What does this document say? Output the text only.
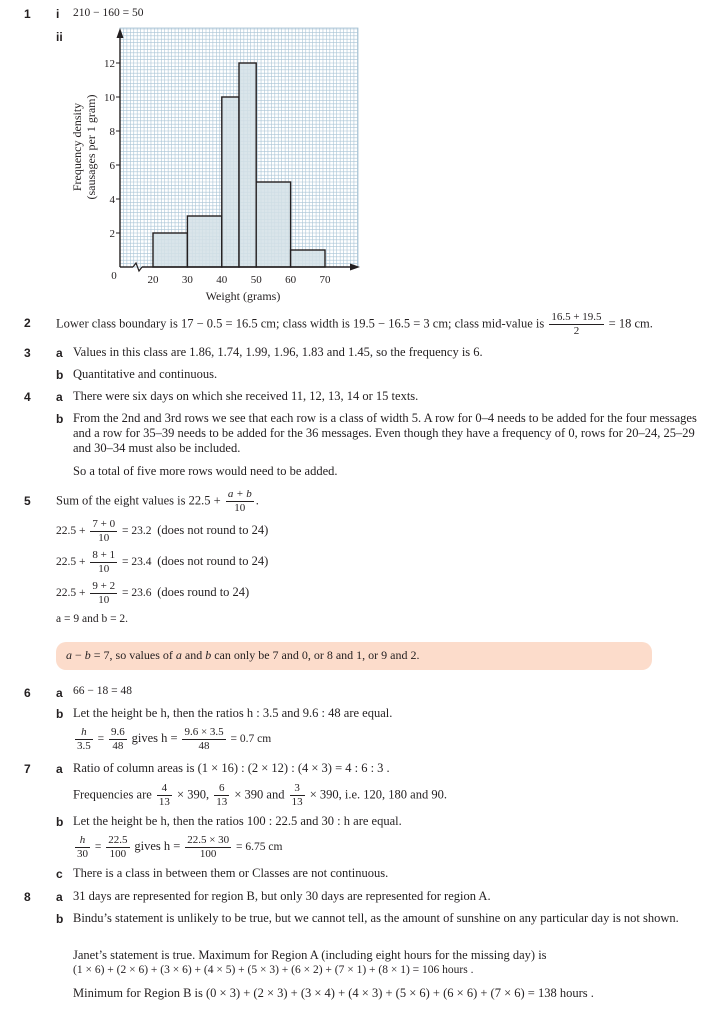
1 i 210 − 160 = 50
ii
2
4
6
8
10
12
20 30 40 50 60 70
0
Weight (grams)
Frequency density (sausages per 1 gram)
2 Lower class boundary is 17 − 0.5 = 16.5 cm; class width is 19.5 − 16.5 = 3 cm; class mid-value is $\frac{16.5 + 19.5}{2} = 18$ cm.
3 a Values in this class are 1.86, 1.74, 1.99, 1.96, 1.83 and 1.45, so the frequency is 6.
b Quantitative and continuous.
4 a There were six days on which she received 11, 12, 13, 14 or 15 texts.
b From the 2nd and 3rd rows we see that each row is a class of width 5. A row for 0–4 needs to be added for the four messages and a row for 35–39 needs to be added for the 36 messages. Even though they have a frequency of 0, rows for 20–24, 25–29 and 30–34 must also be included.
So a total of five more rows would need to be added.
5 Sum of the eight values is $22.5 + \frac{a + b}{10}$ .
$22.5 + \frac{7 + 0}{10} = 23.2$ (does not round to 24)
$22.5 + \frac{8 + 1}{10} = 23.4$ (does not round to 24)
$22.5 + \frac{9 + 2}{10} = 23.6$ (does round to 24)
a = 9 and b = 2.
a − b = 7, so values of a and b can only be 7 and 0, or 8 and 1, or 9 and 2.
6 a 66 − 18 = 48
b Let the height be h, then the ratios h : 3.5 and 9.6 : 48 are equal.
$\frac{h}{3.5} = \frac{9.6}{48}$ gives $h = \frac{9.6 \times 3.5}{48} = 0.7$ cm
7 a Ratio of column areas is (1 × 16) : (2 × 12) : (4 × 3) = 4 : 6 : 3 .
Frequencies are $\frac{4}{13} \times 390$, $\frac{6}{13} \times 390$ and $\frac{3}{13} \times 390$, i.e. 120, 180 and 90.
b Let the height be h, then the ratios 100 : 22.5 and 30 : h are equal.
$\frac{h}{30} = \frac{22.5}{100}$ gives $h = \frac{22.5 \times 30}{100} = 6.75$ cm
c There is a class in between them or Classes are not continuous.
8 a 31 days are represented for region B, but only 30 days are represented for region A.
b Bindu’s statement is unlikely to be true, but we cannot tell, as the amount of sunshine on any particular day is not shown.
Janet’s statement is true. Maximum for Region A (including eight hours for the missing day) is
(1 × 6) + (2 × 6) + (3 × 6) + (4 × 5) + (5 × 3) + (6 × 2) + (7 × 1) + (8 × 1) = 106 hours .
Minimum for Region B is (0 × 3) + (2 × 3) + (3 × 4) + (4 × 3) + (5 × 6) + (6 × 6) + (7 × 6) = 138 hours .
